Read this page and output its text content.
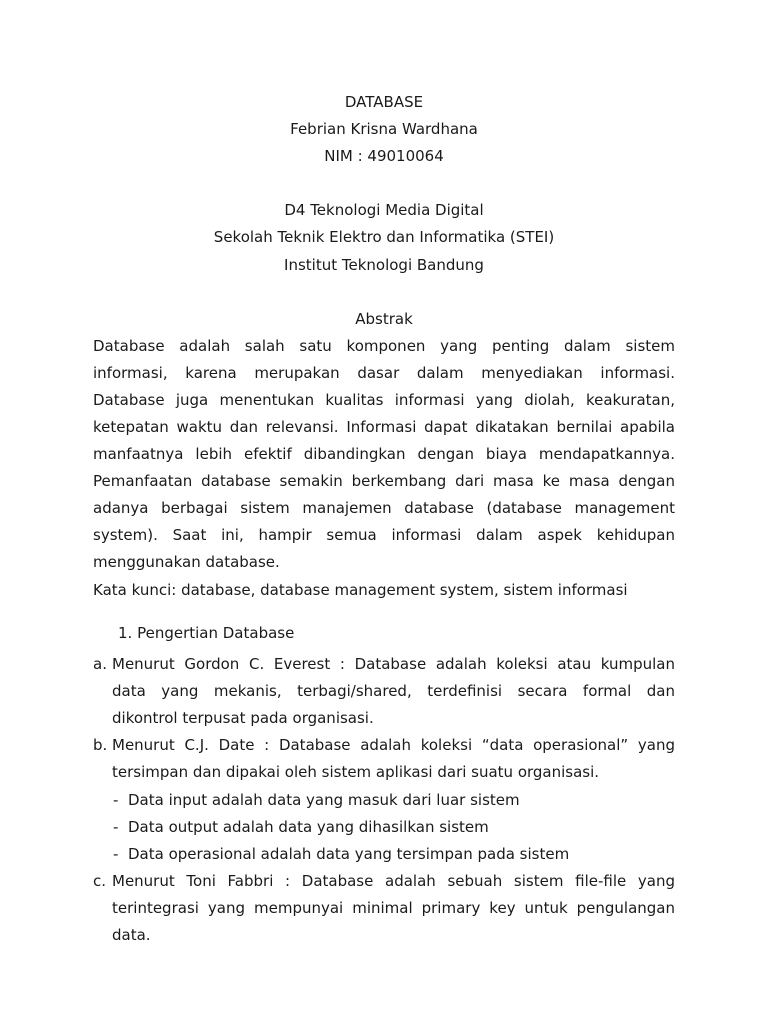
DATABASE
Febrian Krisna Wardhana
NIM : 49010064
D4 Teknologi Media Digital
Sekolah Teknik Elektro dan Informatika (STEI)
Institut Teknologi Bandung
Abstrak
Database adalah salah satu komponen yang penting dalam sistem
informasi, karena merupakan dasar dalam menyediakan informasi.
Database juga menentukan kualitas informasi yang diolah, keakuratan,
ketepatan waktu dan relevansi. Informasi dapat dikatakan bernilai apabila
manfaatnya lebih efektif dibandingkan dengan biaya mendapatkannya.
Pemanfaatan database semakin berkembang dari masa ke masa dengan
adanya berbagai sistem manajemen database (database management
system). Saat ini, hampir semua informasi dalam aspek kehidupan
menggunakan database.
Kata kunci: database, database management system, sistem informasi
1. Pengertian Database
a. Menurut Gordon C. Everest : Database adalah koleksi atau kumpulan
data yang mekanis, terbagi/shared, terdefinisi secara formal dan
dikontrol terpusat pada organisasi.
b. Menurut C.J. Date : Database adalah koleksi “data operasional” yang
tersimpan dan dipakai oleh sistem aplikasi dari suatu organisasi.
- Data input adalah data yang masuk dari luar sistem
- Data output adalah data yang dihasilkan sistem
- Data operasional adalah data yang tersimpan pada sistem
c. Menurut Toni Fabbri : Database adalah sebuah sistem file-file yang
terintegrasi yang mempunyai minimal primary key untuk pengulangan
data.
